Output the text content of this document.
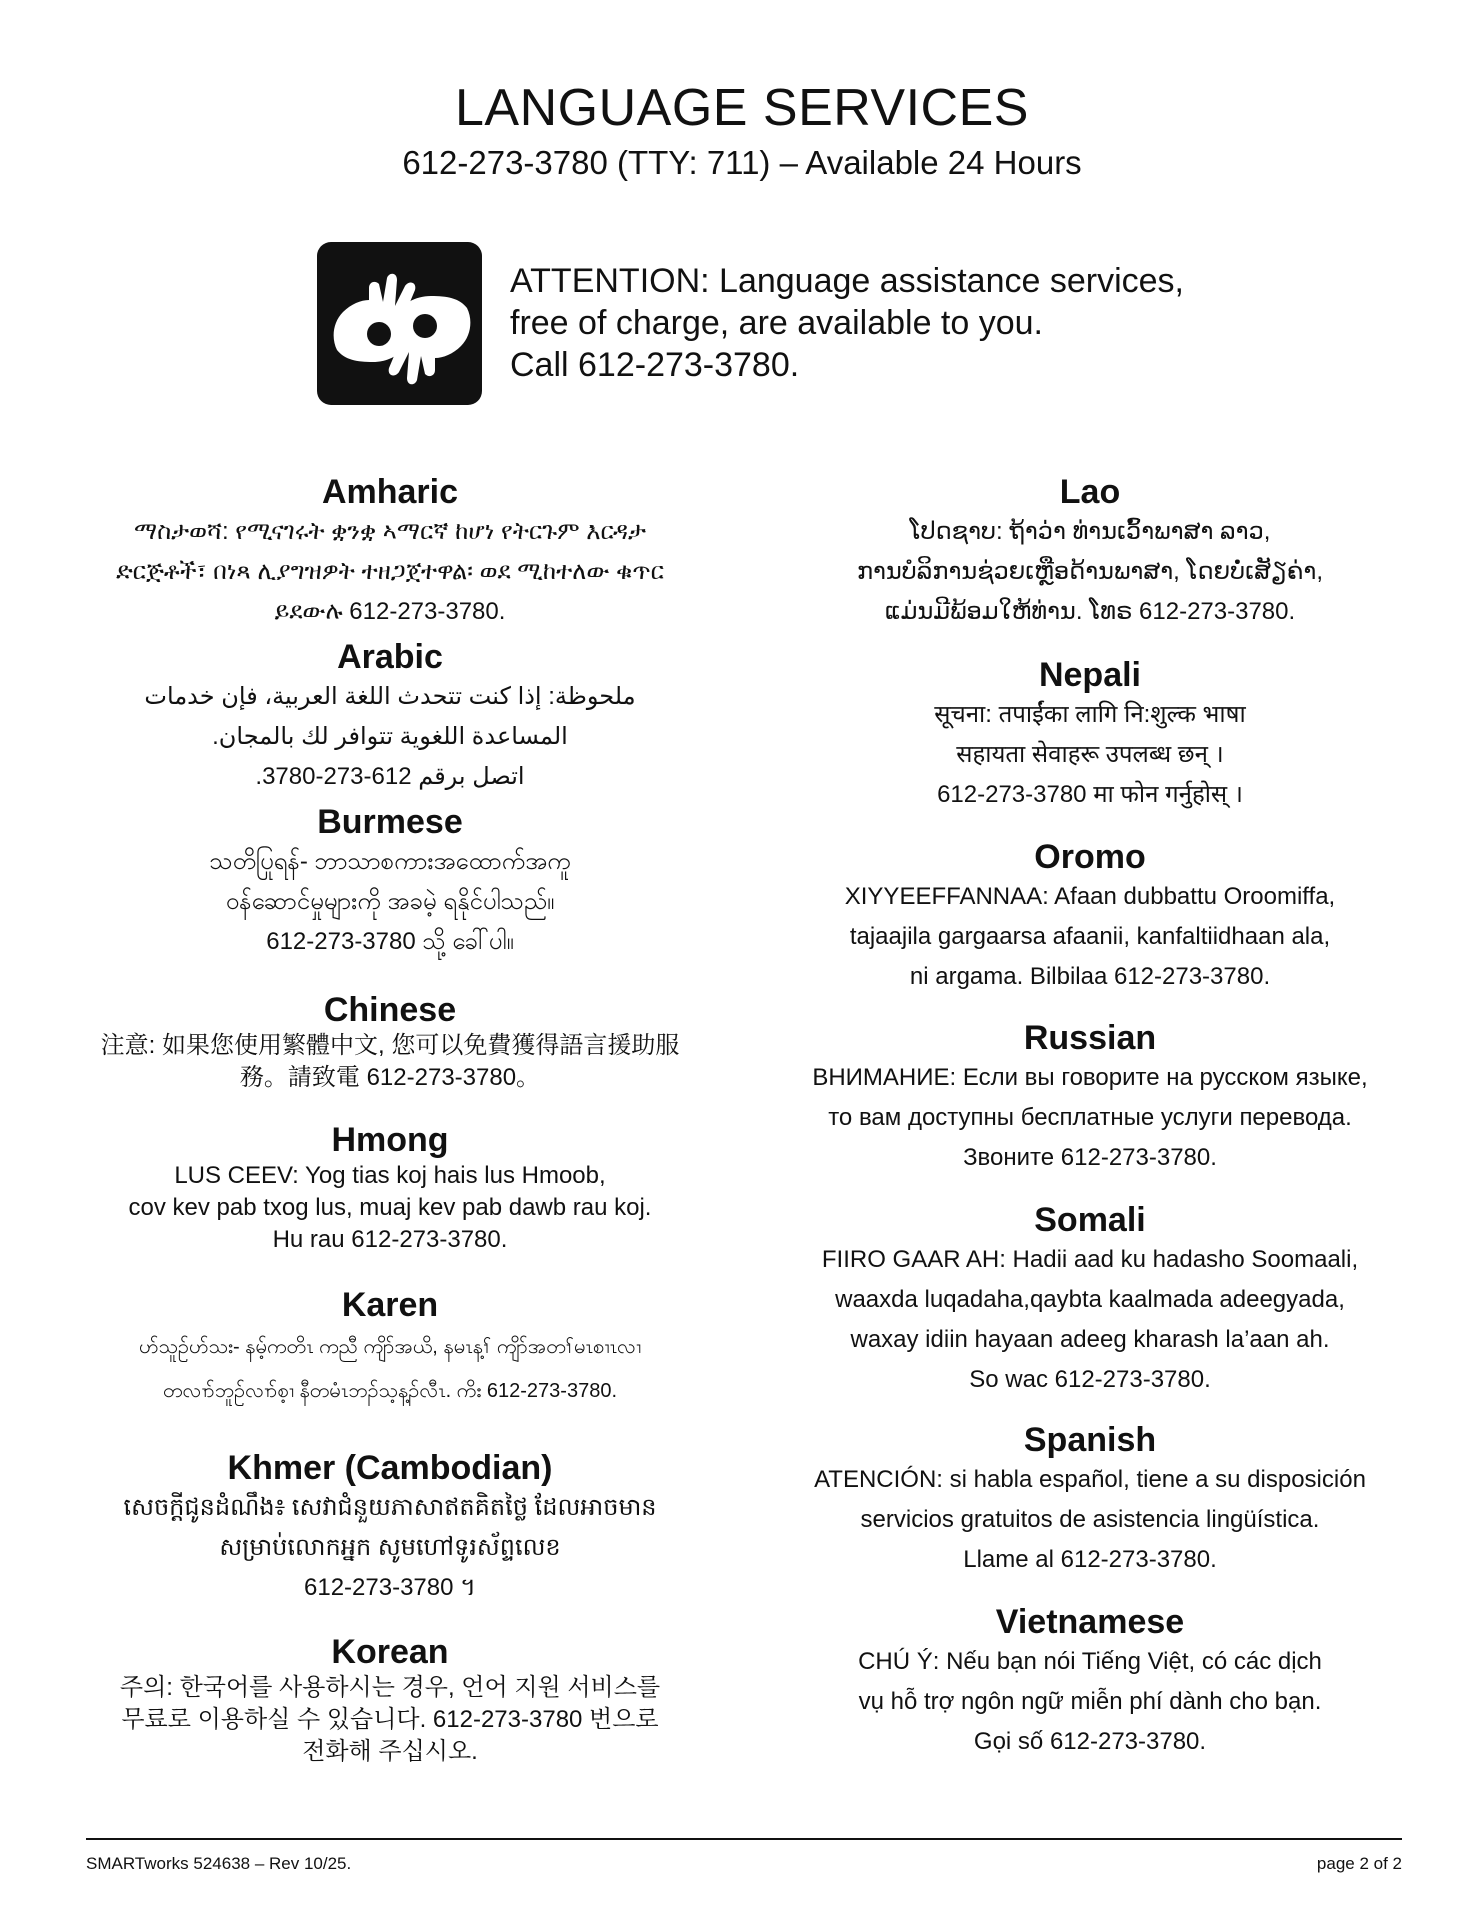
LANGUAGE SERVICES
612-273-3780 (TTY: 711) – Available 24 Hours
ATTENTION: Language assistance services,
free of charge, are available to you.
Call 612-273-3780.
Amharic
ማስታወሻ: የሚናገሩት ቋንቋ ኣማርኛ ከሆነ የትርጉም እርዳታ
ድርጅቶች፣ በነጻ ሊያግዝዎት ተዘጋጀተዋል፡ ወደ ሚከተለው ቁጥር
ይደውሉ 612-273-3780.
Arabic
ملحوظة: إذا كنت تتحدث اللغة العربية، فإن خدمات
المساعدة اللغوية تتوافر لك بالمجان.
اتصل برقم 612-273-3780.
Burmese
သတိပြုရန်- ဘာသာစကားအထောက်အကူ
ဝန်ဆောင်မှုများကို အခမဲ့ ရနိုင်ပါသည်။
612-273-3780 သို့ ခေါ်ပါ။
Chinese
注意: 如果您使用繁體中文, 您可以免費獲得語言援助服
務。請致電 612-273-3780。
Hmong
LUS CEEV: Yog tias koj hais lus Hmoob,
cov kev pab txog lus, muaj kev pab dawb rau koj.
Hu rau 612-273-3780.
Karen
ဟ်သူဉ်ဟ်သး- နမ့်ကတိၤ ကညီ ကျိာ်အယိ, နမၤန့ၢ် ကျိာ်အတၢ်မၤစၢၤလၢ
တလၢာ်ဘူဉ်လၢာ်စ့ၢ နီတမံၤဘၣ်သ့န့ၣ်လီၤ. ကိး 612-273-3780.
Khmer (Cambodian)
សេចក្តីជូនដំណឹង៖ សេវាជំនួយភាសាឥតគិតថ្លៃ ដែលអាចមាន
សម្រាប់លោកអ្នក សូមហៅទូរស័ព្ទលេខ
612-273-3780 ។
Korean
주의: 한국어를 사용하시는 경우, 언어 지원 서비스를
무료로 이용하실 수 있습니다. 612-273-3780 번으로
전화해 주십시오.
Lao
ໂປດຊາບ: ຖ້າວ່າ ທ່ານເວົ້າພາສາ ລາວ,
ການບໍລິການຊ່ວຍເຫຼືອດ້ານພາສາ, ໂດຍບໍ່ເສັຽຄ່າ,
ແມ່ນມີພ້ອມໃຫ້ທ່ານ. ໂທຣ 612-273-3780.
Nepali
सूचना: तपाईंका लागि नि:शुल्क भाषा
सहायता सेवाहरू उपलब्ध छन् ।
612-273-3780 मा फोन गर्नुहोस् ।
Oromo
XIYYEEFFANNAA: Afaan dubbattu Oroomiffa,
tajaajila gargaarsa afaanii, kanfaltiidhaan ala,
ni argama. Bilbilaa 612-273-3780.
Russian
ВНИМАНИЕ: Если вы говорите на русском языке,
то вам доступны бесплатные услуги перевода.
Звоните 612-273-3780.
Somali
FIIRO GAAR AH: Hadii aad ku hadasho Soomaali,
waaxda luqadaha,qaybta kaalmada adeegyada,
waxay idiin hayaan adeeg kharash la’aan ah.
So wac 612-273-3780.
Spanish
ATENCIÓN: si habla español, tiene a su disposición
servicios gratuitos de asistencia lingüística.
Llame al 612-273-3780.
Vietnamese
CHÚ Ý: Nếu bạn nói Tiếng Việt, có các dịch
vụ hỗ trợ ngôn ngữ miễn phí dành cho bạn.
Gọi số 612-273-3780.
SMARTworks 524638 – Rev 10/25.	page 2 of 2
